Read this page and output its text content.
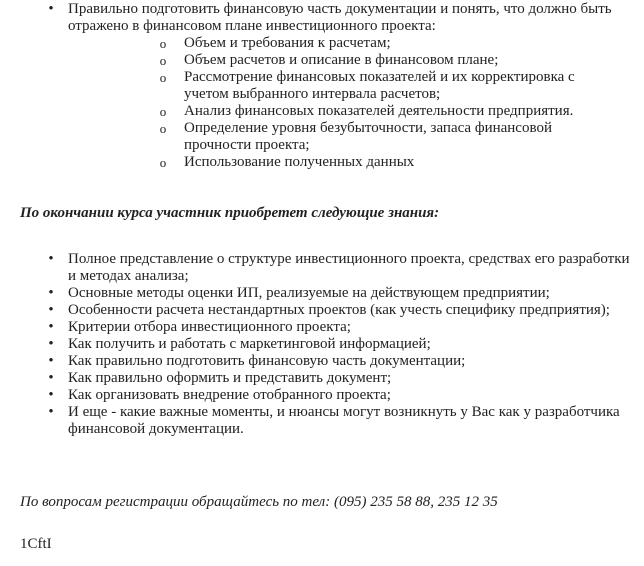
• Правильно подготовить финансовую часть документации и понять, что должно быть отражено в финансовом плане инвестиционного проекта:
o Объем и требования к расчетам;
o Объем расчетов и описание в финансовом плане;
o Рассмотрение финансовых показателей и их корректировка с учетом выбранного интервала расчетов;
o Анализ финансовых показателей деятельности предприятия.
o Определение уровня безубыточности, запаса финансовой прочности проекта;
o Использование полученных данных
По окончании курса участник приобретет следующие знания:
• Полное представление о структуре инвестиционного проекта, средствах его разработки и методах анализа;
• Основные методы оценки ИП, реализуемые на действующем предприятии;
• Особенности расчета нестандартных проектов (как учесть специфику предприятия);
• Критерии отбора инвестиционного проекта;
• Как получить и работать с маркетинговой информацией;
• Как правильно подготовить финансовую часть документации;
• Как правильно оформить и представить документ;
• Как организовать внедрение отобранного проекта;
• И еще - какие важные моменты, и нюансы могут возникнуть у Вас как у разработчика финансовой документации.
По вопросам регистрации обращайтесь по тел: (095) 235 58 88, 235 12 35
1CftI
